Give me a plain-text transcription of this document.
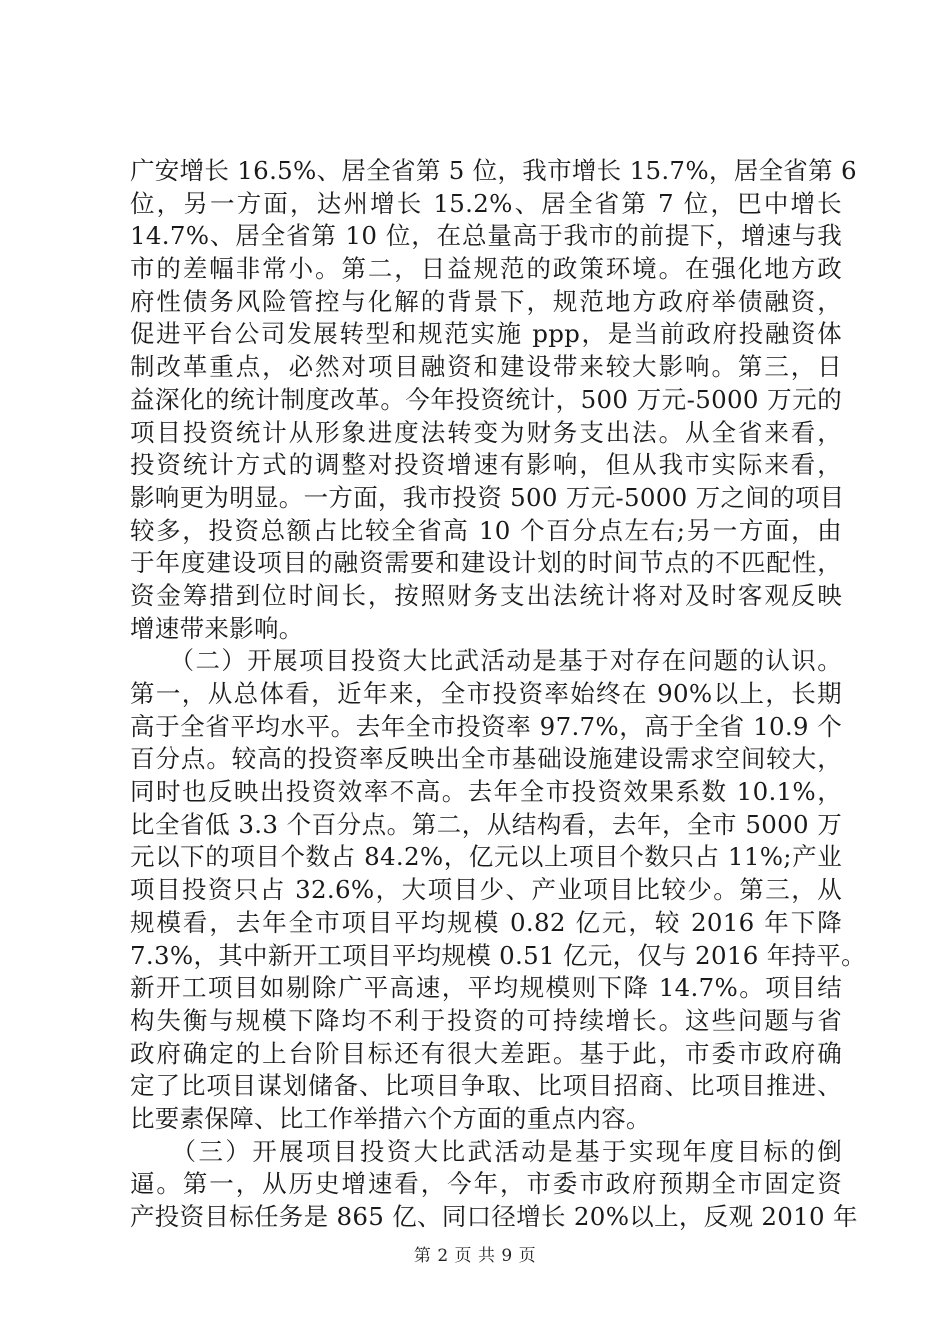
广安增长 16.5%、居全省第 5 位，我市增长 15.7%，居全省第 6
位，另一方面，达州增长 15.2%、居全省第 7 位，巴中增长
14.7%、居全省第 10 位，在总量高于我市的前提下，增速与我
市的差幅非常小。第二，日益规范的政策环境。在强化地方政
府性债务风险管控与化解的背景下，规范地方政府举债融资，
促进平台公司发展转型和规范实施 ppp，是当前政府投融资体
制改革重点，必然对项目融资和建设带来较大影响。第三，日
益深化的统计制度改革。今年投资统计，500 万元-5000 万元的
项目投资统计从形象进度法转变为财务支出法。从全省来看，
投资统计方式的调整对投资增速有影响，但从我市实际来看，
影响更为明显。一方面，我市投资 500 万元-5000 万之间的项目
较多，投资总额占比较全省高 10 个百分点左右;另一方面，由
于年度建设项目的融资需要和建设计划的时间节点的不匹配性，
资金筹措到位时间长，按照财务支出法统计将对及时客观反映
增速带来影响。
　　（二）开展项目投资大比武活动是基于对存在问题的认识。
第一，从总体看，近年来，全市投资率始终在 90%以上，长期
高于全省平均水平。去年全市投资率 97.7%，高于全省 10.9 个
百分点。较高的投资率反映出全市基础设施建设需求空间较大，
同时也反映出投资效率不高。去年全市投资效果系数 10.1%，
比全省低 3.3 个百分点。第二，从结构看，去年，全市 5000 万
元以下的项目个数占 84.2%，亿元以上项目个数只占 11%;产业
项目投资只占 32.6%，大项目少、产业项目比较少。第三，从
规模看，去年全市项目平均规模 0.82 亿元，较 2016 年下降
7.3%，其中新开工项目平均规模 0.51 亿元，仅与 2016 年持平。
新开工项目如剔除广平高速，平均规模则下降 14.7%。项目结
构失衡与规模下降均不利于投资的可持续增长。这些问题与省
政府确定的上台阶目标还有很大差距。基于此，市委市政府确
定了比项目谋划储备、比项目争取、比项目招商、比项目推进、
比要素保障、比工作举措六个方面的重点内容。
　　（三）开展项目投资大比武活动是基于实现年度目标的倒
逼。第一，从历史增速看，今年，市委市政府预期全市固定资
产投资目标任务是 865 亿、同口径增长 20%以上，反观 2010 年
第 2 页 共 9 页
